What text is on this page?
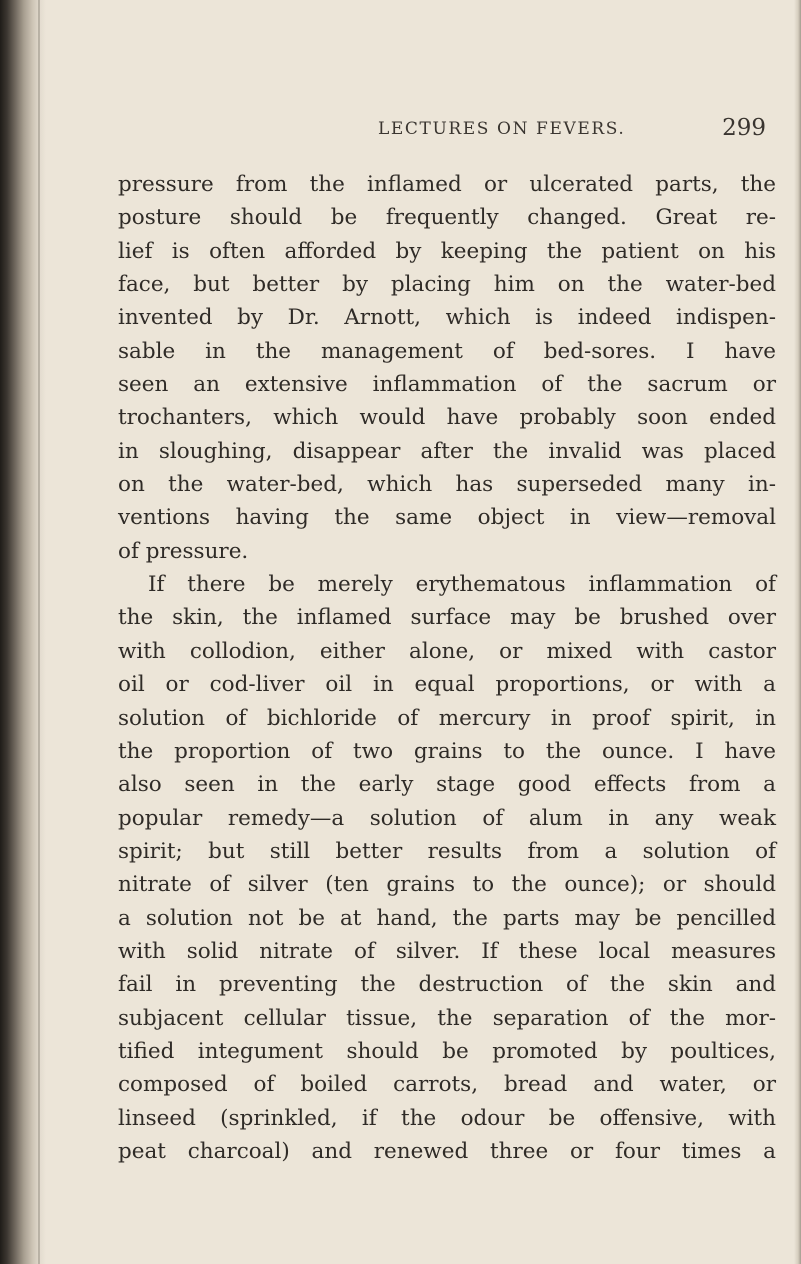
LECTURES ON FEVERS.	299
pressure from the inflamed or ulcerated parts, the
posture should be frequently changed. Great re-
lief is often afforded by keeping the patient on his
face, but better by placing him on the water-bed
invented by Dr. Arnott, which is indeed indispen-
sable in the management of bed-sores. I have
seen an extensive inflammation of the sacrum or
trochanters, which would have probably soon ended
in sloughing, disappear after the invalid was placed
on the water-bed, which has superseded many in-
ventions having the same object in view—removal
of pressure.
If there be merely erythematous inflammation of
the skin, the inflamed surface may be brushed over
with collodion, either alone, or mixed with castor
oil or cod-liver oil in equal proportions, or with a
solution of bichloride of mercury in proof spirit, in
the proportion of two grains to the ounce. I have
also seen in the early stage good effects from a
popular remedy—a solution of alum in any weak
spirit; but still better results from a solution of
nitrate of silver (ten grains to the ounce); or should
a solution not be at hand, the parts may be pencilled
with solid nitrate of silver. If these local measures
fail in preventing the destruction of the skin and
subjacent cellular tissue, the separation of the mor-
tified integument should be promoted by poultices,
composed of boiled carrots, bread and water, or
linseed (sprinkled, if the odour be offensive, with
peat charcoal) and renewed three or four times a
